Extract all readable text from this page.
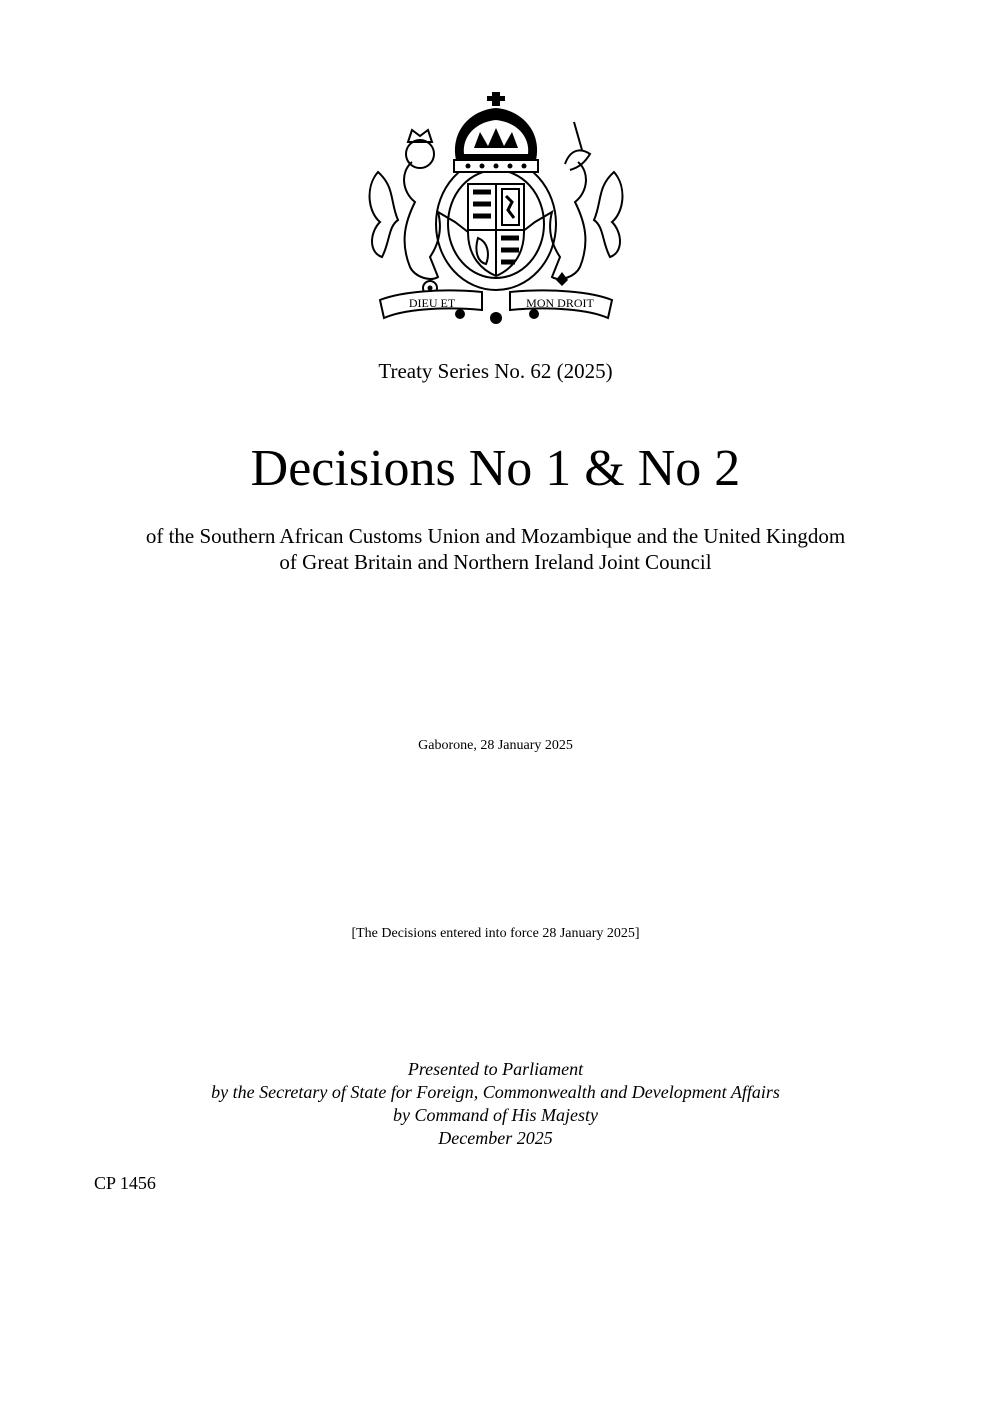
DIEU ET	MON DROIT
Treaty Series No. 62 (2025)
Decisions No 1 & No 2
of the Southern African Customs Union and Mozambique and the United Kingdom
of Great Britain and Northern Ireland Joint Council
Gaborone, 28 January 2025
[The Decisions entered into force 28 January 2025]
Presented to Parliament
by the Secretary of State for Foreign, Commonwealth and Development Affairs
by Command of His Majesty
December 2025
CP 1456
